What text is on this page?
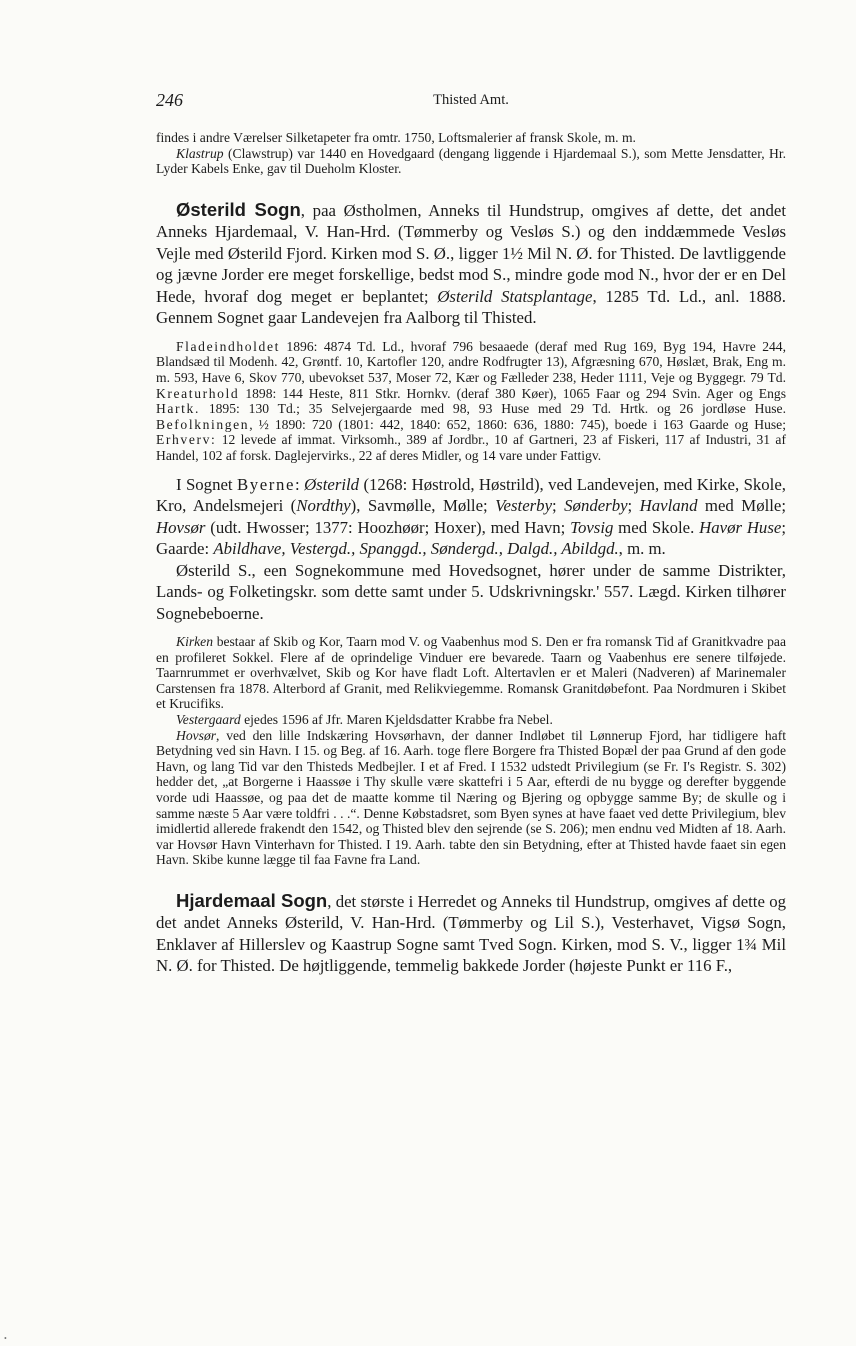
246	Thisted Amt.

findes i andre Værelser Silketapeter fra omtr. 1750, Loftsmalerier af fransk Skole, m. m.

Klastrup (Clawstrup) var 1440 en Hovedgaard (dengang liggende i Hjardemaal S.), som Mette Jensdatter, Hr. Lyder Kabels Enke, gav til Dueholm Kloster.

Østerild Sogn, paa Østholmen, Anneks til Hundstrup, omgives af dette, det andet Anneks Hjardemaal, V. Han-Hrd. (Tømmerby og Vesløs S.) og den inddæmmede Vesløs Vejle med Østerild Fjord. Kirken mod S. Ø., ligger 1½ Mil N. Ø. for Thisted. De lavtliggende og jævne Jorder ere meget forskellige, bedst mod S., mindre gode mod N., hvor der er en Del Hede, hvoraf dog meget er beplantet; Østerild Statsplantage, 1285 Td. Ld., anl. 1888. Gennem Sognet gaar Landevejen fra Aalborg til Thisted.

Fladeindholdet 1896: 4874 Td. Ld., hvoraf 796 besaaede (deraf med Rug 169, Byg 194, Havre 244, Blandsæd til Modenh. 42, Grøntf. 10, Kartofler 120, andre Rodfrugter 13), Afgræsning 670, Høslæt, Brak, Eng m. m. 593, Have 6, Skov 770, ubevokset 537, Moser 72, Kær og Fælleder 238, Heder 1111, Veje og Byggegr. 79 Td. Kreaturhold 1898: 144 Heste, 811 Stkr. Hornkv. (deraf 380 Køer), 1065 Faar og 294 Svin. Ager og Engs Hartk. 1895: 130 Td.; 35 Selvejergaarde med 98, 93 Huse med 29 Td. Hrtk. og 26 jordløse Huse. Befolkningen, ½ 1890: 720 (1801: 442, 1840: 652, 1860: 636, 1880: 745), boede i 163 Gaarde og Huse; Erhverv: 12 levede af immat. Virksomh., 389 af Jordbr., 10 af Gartneri, 23 af Fiskeri, 117 af Industri, 31 af Handel, 102 af forsk. Daglejervirks., 22 af deres Midler, og 14 vare under Fattigv.

I Sognet Byerne: Østerild (1268: Høstrold, Høstrild), ved Landevejen, med Kirke, Skole, Kro, Andelsmejeri (Nordthy), Savmølle, Mølle; Vesterby; Sønderby; Havland med Mølle; Hovsør (udt. Hwosser; 1377: Hoozhøør; Hoxer), med Havn; Tovsig med Skole. Havør Huse; Gaarde: Abildhave, Vestergd., Spanggd., Søndergd., Dalgd., Abildgd., m. m.

Østerild S., een Sognekommune med Hovedsognet, hører under de samme Distrikter, Lands- og Folketingskr. som dette samt under 5. Udskrivningskr.' 557. Lægd. Kirken tilhører Sognebeboerne.

Kirken bestaar af Skib og Kor, Taarn mod V. og Vaabenhus mod S. Den er fra romansk Tid af Granitkvadre paa en profileret Sokkel. Flere af de oprindelige Vinduer ere bevarede. Taarn og Vaabenhus ere senere tilføjede. Taarnrummet er overhvælvet, Skib og Kor have fladt Loft. Altertavlen er et Maleri (Nadveren) af Marinemaler Carstensen fra 1878. Alterbord af Granit, med Relikviegemme. Romansk Granitdøbefont. Paa Nordmuren i Skibet et Krucifiks.

Vestergaard ejedes 1596 af Jfr. Maren Kjeldsdatter Krabbe fra Nebel.

Hovsør, ved den lille Indskæring Hovsørhavn, der danner Indløbet til Lønnerup Fjord, har tidligere haft Betydning ved sin Havn. I 15. og Beg. af 16. Aarh. toge flere Borgere fra Thisted Bopæl der paa Grund af den gode Havn, og lang Tid var den Thisteds Medbejler. I et af Fred. I 1532 udstedt Privilegium (se Fr. I's Registr. S. 302) hedder det, „at Borgerne i Haassøe i Thy skulle være skattefri i 5 Aar, efterdi de nu bygge og derefter byggende vorde udi Haassøe, og paa det de maatte komme til Næring og Bjering og opbygge samme By; de skulle og i samme næste 5 Aar være toldfri . . .“. Denne Købstadsret, som Byen synes at have faaet ved dette Privilegium, blev imidlertid allerede frakendt den 1542, og Thisted blev den sejrende (se S. 206); men endnu ved Midten af 18. Aarh. var Hovsør Havn Vinterhavn for Thisted. I 19. Aarh. tabte den sin Betydning, efter at Thisted havde faaet sin egen Havn. Skibe kunne lægge til faa Favne fra Land.

Hjardemaal Sogn, det største i Herredet og Anneks til Hundstrup, omgives af dette og det andet Anneks Østerild, V. Han-Hrd. (Tømmerby og Lil S.), Vesterhavet, Vigsø Sogn, Enklaver af Hillerslev og Kaastrup Sogne samt Tved Sogn. Kirken, mod S. V., ligger 1¾ Mil N. Ø. for Thisted. De højtliggende, temmelig bakkede Jorder (højeste Punkt er 116 F.,

•
